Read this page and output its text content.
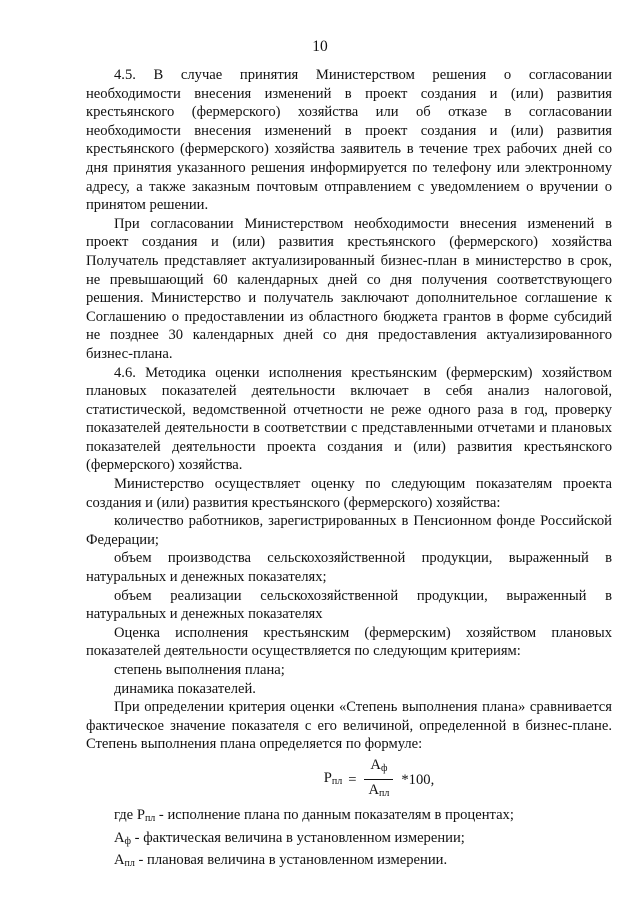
10

4.5. В случае принятия Министерством решения о согласовании необходимости внесения изменений в проект создания и (или) развития крестьянского (фермерского) хозяйства или об отказе в согласовании необходимости внесения изменений в проект создания и (или) развития крестьянского (фермерского) хозяйства заявитель в течение трех рабочих дней со дня принятия указанного решения информируется по телефону или электронному адресу, а также заказным почтовым отправлением с уведомлением о вручении о принятом решении.

При согласовании Министерством необходимости внесения изменений в проект создания и (или) развития крестьянского (фермерского) хозяйства Получатель представляет актуализированный бизнес-план в министерство в срок, не превышающий 60 календарных дней со дня получения соответствующего решения. Министерство и получатель заключают дополнительное соглашение к Соглашению о предоставлении из областного бюджета грантов в форме субсидий не позднее 30 календарных дней со дня предоставления актуализированного бизнес-плана.

4.6. Методика оценки исполнения крестьянским (фермерским) хозяйством плановых показателей деятельности включает в себя анализ налоговой, статистической, ведомственной отчетности не реже одного раза в год, проверку показателей деятельности в соответствии с представленными отчетами и плановых показателей деятельности проекта создания и (или) развития крестьянского (фермерского) хозяйства.

Министерство осуществляет оценку по следующим показателям проекта создания и (или) развития крестьянского (фермерского) хозяйства:

количество работников, зарегистрированных в Пенсионном фонде Российской Федерации;

объем производства сельскохозяйственной продукции, выраженный в натуральных и денежных показателях;

объем реализации сельскохозяйственной продукции, выраженный в натуральных и денежных показателях

Оценка исполнения крестьянским (фермерским) хозяйством плановых показателей деятельности осуществляется по следующим критериям:

степень выполнения плана;

динамика показателей.

При определении критерия оценки «Степень выполнения плана» сравнивается фактическое значение показателя с его величиной, определенной в бизнес-плане. Степень выполнения плана определяется по формуле:

$P_{пл} = \frac{А_ф}{А_{пл}} *100$,

где $P_{пл}$ - исполнение плана по данным показателям в процентах;

$А_ф$ - фактическая величина в установленном измерении;

$А_{пл}$ - плановая величина в установленном измерении.
